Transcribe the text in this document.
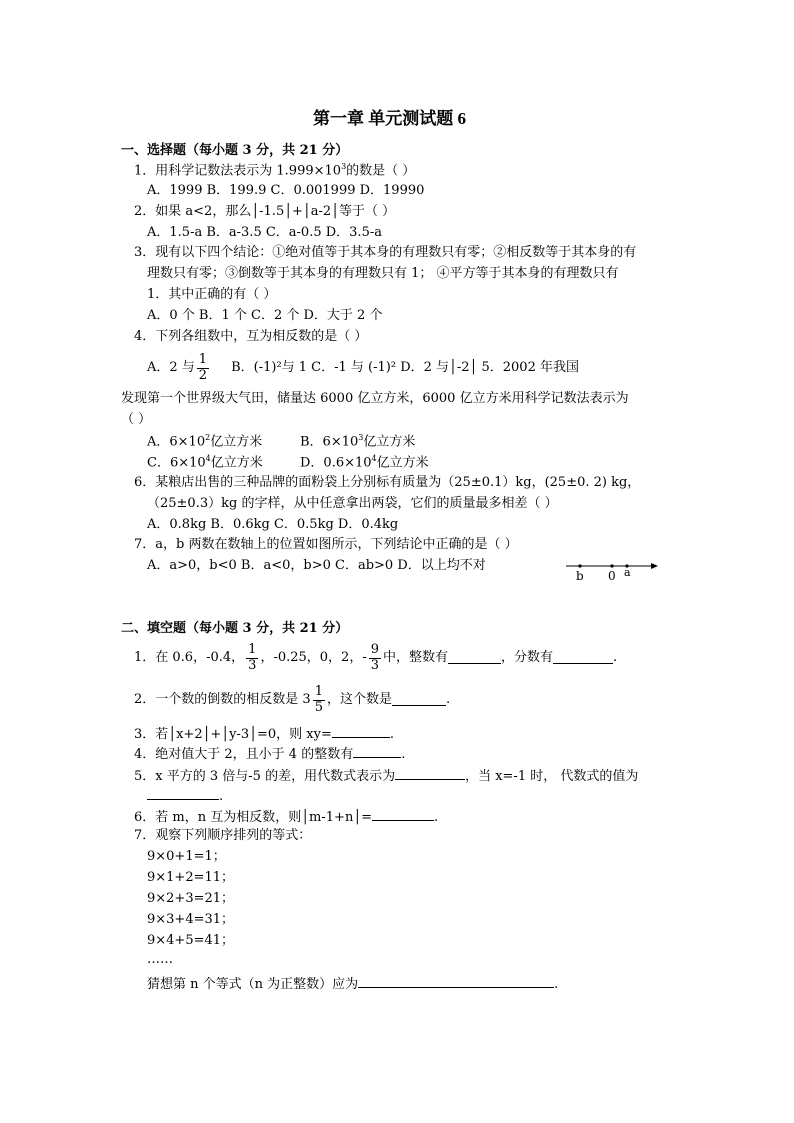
第一章 单元测试题 6
一、选择题（每小题 3 分，共 21 分）
1．用科学记数法表示为 $1.999\times 10^3$的数是（ ）
A．1999 B．199.9 C．0.001999 D．19990
2．如果 a<2，那么│-1.5│+│a-2│等于（ ）
A．1.5-a B．a-3.5 C．a-0.5 D．3.5-a
3．现有以下四个结论：①绝对值等于其本身的有理数只有零；②相反数等于其本身的有
理数只有零；③倒数等于其本身的有理数只有 1； ④平方等于其本身的有理数只有
1．其中正确的有（ ）
A．0 个 B．1 个 C．2 个 D．大于 2 个
4．下列各组数中，互为相反数的是（ ）
A．2 与 $\frac{1}{2}$ B．(-1)²与 1 C．-1 与 (-1)² D．2 与│-2│ 5．2002 年我国
发现第一个世界级大气田，储量达 6000 亿立方米，6000 亿立方米用科学记数法表示为
（ ）
A．$6\times 10^2$亿立方米	B．$6\times 10^3$亿立方米
C．$6\times 10^4$亿立方米	D．$0.6\times 10^4$亿立方米
6．某粮店出售的三种品牌的面粉袋上分别标有质量为（25±0.1）kg，(25±0. 2) kg，
（25±0.3）kg 的字样，从中任意拿出两袋，它们的质量最多相差（ ）
A．0.8kg B．0.6kg C．0.5kg D．0.4kg
7．a，b 两数在数轴上的位置如图所示，下列结论中正确的是（ ）
A．a>0，b<0 B．a<0，b>0 C．ab>0 D．以上均不对
b 0 a
二、填空题（每小题 3 分，共 21 分）
1．在 0.6，-0.4， $\frac{1}{3}$ ，-0.25，0，2，- $\frac{9}{3}$ 中，整数有	，分数有	.
2．一个数的倒数的相反数是 $3 \frac{1}{5}$ ，这个数是	.
3．若│x+2│+│y-3│=0，则 xy=	.
4．绝对值大于 2，且小于 4 的整数有	.
5．x 平方的 3 倍与-5 的差，用代数式表示为	，当 x=-1 时， 代数式的值为
.
6．若 m，n 互为相反数，则│m-1+n│=	.
7．观察下列顺序排列的等式：
9×0+1=1；
9×1+2=11；
9×2+3=21；
9×3+4=31；
9×4+5=41；
……
猜想第 n 个等式（n 为正整数）应为	.
